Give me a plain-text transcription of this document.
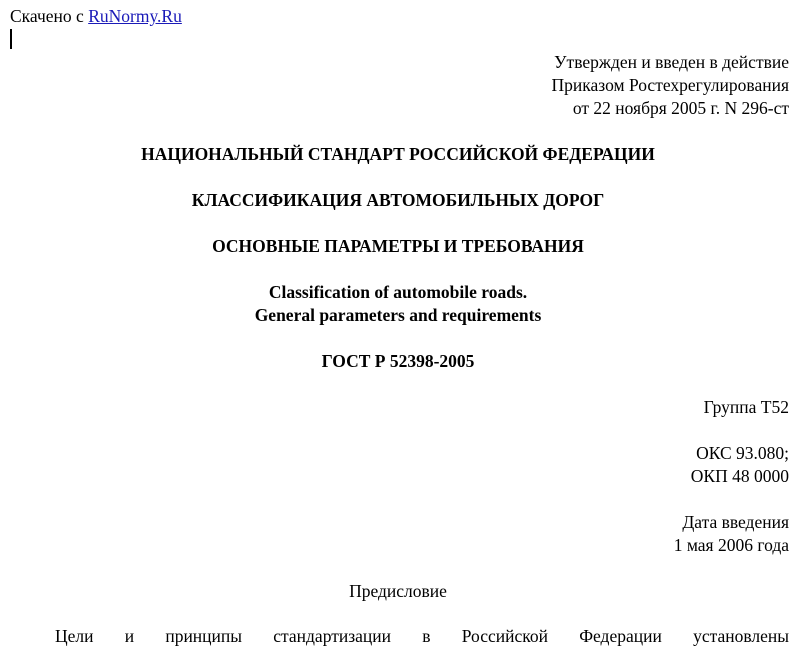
Скачено с RuNormy.Ru
Утвержден и введен в действие
Приказом Ростехрегулирования
от 22 ноября 2005 г. N 296-ст
НАЦИОНАЛЬНЫЙ СТАНДАРТ РОССИЙСКОЙ ФЕДЕРАЦИИ
КЛАССИФИКАЦИЯ АВТОМОБИЛЬНЫХ ДОРОГ
ОСНОВНЫЕ ПАРАМЕТРЫ И ТРЕБОВАНИЯ
Classification of automobile roads.
General parameters and requirements
ГОСТ Р 52398-2005
Группа Т52
ОКС 93.080;
ОКП 48 0000
Дата введения
1 мая 2006 года
Предисловие
Цели и принципы стандартизации в Российской Федерации установлены
